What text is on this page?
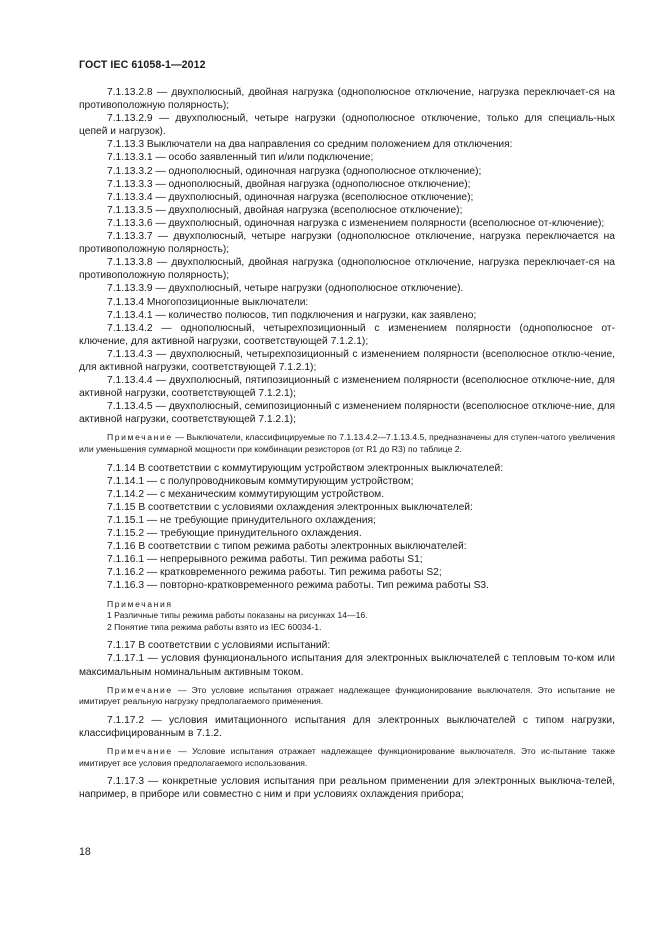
ГОСТ IEC 61058-1—2012

7.1.13.2.8 — двухполюсный, двойная нагрузка (однополюсное отключение, нагрузка переключает-ся на противоположную полярность);

7.1.13.2.9 — двухполюсный, четыре нагрузки (однополюсное отключение, только для специаль-ных цепей и нагрузок).

7.1.13.3 Выключатели на два направления со средним положением для отключения:

7.1.13.3.1 — особо заявленный тип и/или подключение;

7.1.13.3.2 — однополюсный, одиночная нагрузка (однополюсное отключение);

7.1.13.3.3 — однополюсный, двойная нагрузка (однополюсное отключение);

7.1.13.3.4 — двухполюсный, одиночная нагрузка (всеполюсное отключение);

7.1.13.3.5 — двухполюсный, двойная нагрузка (всеполюсное отключение);

7.1.13.3.6 — двухполюсный, одиночная нагрузка с изменением полярности (всеполюсное от-ключение);

7.1.13.3.7 — двухполюсный, четыре нагрузки (однополюсное отключение, нагрузка переключается на противоположную полярность);

7.1.13.3.8 — двухполюсный, двойная нагрузка (однополюсное отключение, нагрузка переключает-ся на противоположную полярность);

7.1.13.3.9 — двухполюсный, четыре нагрузки (однополюсное отключение).

7.1.13.4 Многопозиционные выключатели:

7.1.13.4.1 — количество полюсов, тип подключения и нагрузки, как заявлено;

7.1.13.4.2 — однополюсный, четырехпозиционный с изменением полярности (однополюсное от-ключение, для активной нагрузки, соответствующей 7.1.2.1);

7.1.13.4.3 — двухполюсный, четырехпозиционный с изменением полярности (всеполюсное отклю-чение, для активной нагрузки, соответствующей 7.1.2.1);

7.1.13.4.4 — двухполюсный, пятипозиционный с изменением полярности (всеполюсное отключе-ние, для активной нагрузки, соответствующей 7.1.2.1);

7.1.13.4.5 — двухполюсный, семипозиционный с изменением полярности (всеполюсное отключе-ние, для активной нагрузки, соответствующей 7.1.2.1);

Примечание — Выключатели, классифицируемые по 7.1.13.4.2—7.1.13.4.5, предназначены для ступен-чатого увеличения или уменьшения суммарной мощности при комбинации резисторов (от R1 до R3) по таблице 2.

7.1.14 В соответствии с коммутирующим устройством электронных выключателей:

7.1.14.1 — с полупроводниковым коммутирующим устройством;

7.1.14.2 — с механическим коммутирующим устройством.

7.1.15 В соответствии с условиями охлаждения электронных выключателей:

7.1.15.1 — не требующие принудительного охлаждения;

7.1.15.2 — требующие принудительного охлаждения.

7.1.16 В соответствии с типом режима работы электронных выключателей:

7.1.16.1 — непрерывного режима работы. Тип режима работы S1;

7.1.16.2 — кратковременного режима работы. Тип режима работы S2;

7.1.16.3 — повторно-кратковременного режима работы. Тип режима работы S3.

Примечания

1 Различные типы режима работы показаны на рисунках 14—16.

2 Понятие типа режима работы взято из IEC 60034-1.

7.1.17 В соответствии с условиями испытаний:

7.1.17.1 — условия функционального испытания для электронных выключателей с тепловым то-ком или максимальным номинальным активным током.

Примечание — Это условие испытания отражает надлежащее функционирование выключателя. Это испытание не имитирует реальную нагрузку предполагаемого применения.

7.1.17.2 — условия имитационного испытания для электронных выключателей с типом нагрузки, классифицированным в 7.1.2.

Примечание — Условие испытания отражает надлежащее функционирование выключателя. Это ис-пытание также имитирует все условия предполагаемого использования.

7.1.17.3 — конкретные условия испытания при реальном применении для электронных выключа-телей, например, в приборе или совместно с ним и при условиях охлаждения прибора;

18
